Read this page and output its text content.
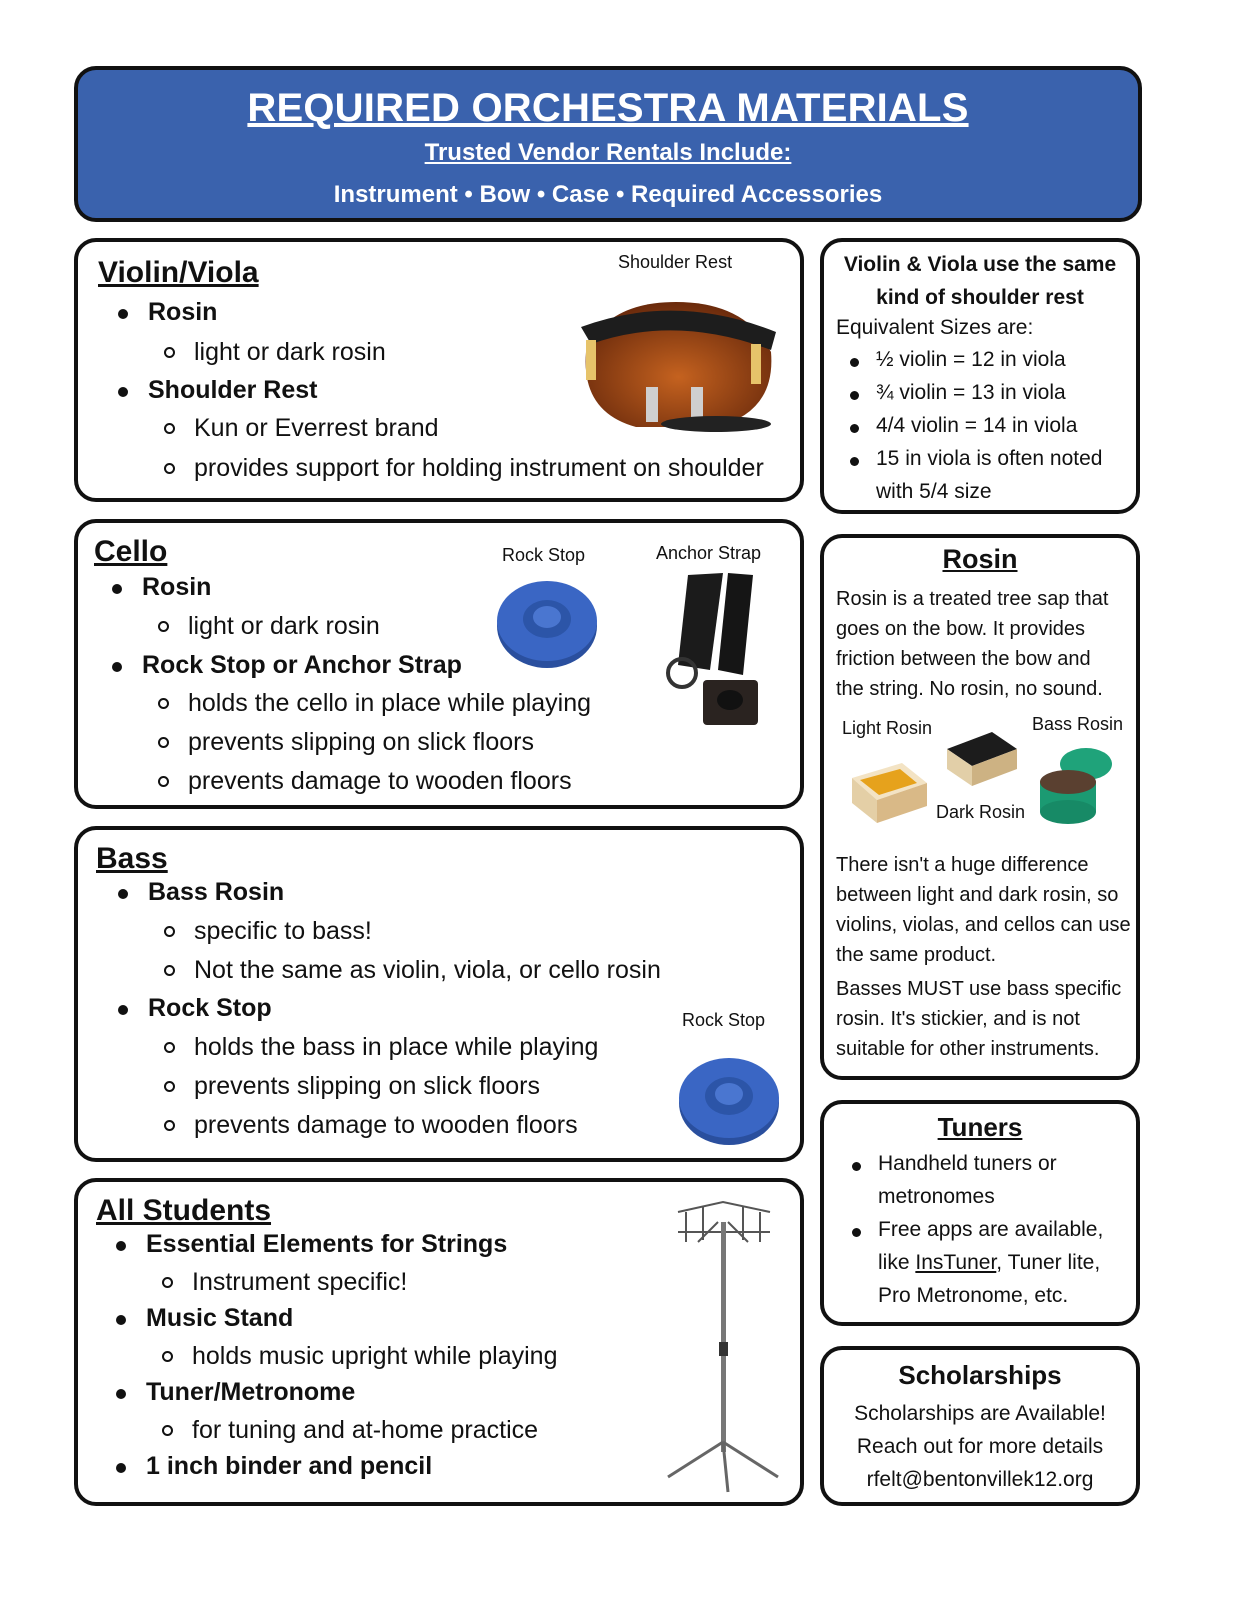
REQUIRED ORCHESTRA MATERIALS
Trusted Vendor Rentals Include:
Instrument • Bow • Case • Required Accessories
Violin/Viola
Rosin
light or dark rosin
Shoulder Rest
Kun or Everrest brand
provides support for holding instrument on shoulder
Shoulder Rest
Cello
Rosin
light or dark rosin
Rock Stop or Anchor Strap
holds the cello in place while playing
prevents slipping on slick floors
prevents damage to wooden floors
Rock Stop	Anchor Strap
Bass
Bass Rosin
specific to bass!
Not the same as violin, viola, or cello rosin
Rock Stop
holds the bass in place while playing
prevents slipping on slick floors
prevents damage to wooden floors
Rock Stop
All Students
Essential Elements for Strings
Instrument specific!
Music Stand
holds music upright while playing
Tuner/Metronome
for tuning and at-home practice
1 inch binder and pencil
Violin & Viola use the same
kind of shoulder rest
Equivalent Sizes are:
½ violin = 12 in viola
¾ violin = 13 in viola
4/4 violin = 14 in viola
15 in viola is often noted
with 5/4 size
Rosin
Rosin is a treated tree sap that
goes on the bow. It provides
friction between the bow and
the string. No rosin, no sound.
Light Rosin	Bass Rosin
Dark Rosin
There isn't a huge difference
between light and dark rosin, so
violins, violas, and cellos can use
the same product.
Basses MUST use bass specific
rosin. It's stickier, and is not
suitable for other instruments.
Tuners
Handheld tuners or
metronomes
Free apps are available,
like InsTuner, Tuner lite,
Pro Metronome, etc.
Scholarships
Scholarships are Available!
Reach out for more details
rfelt@bentonvillek12.org
